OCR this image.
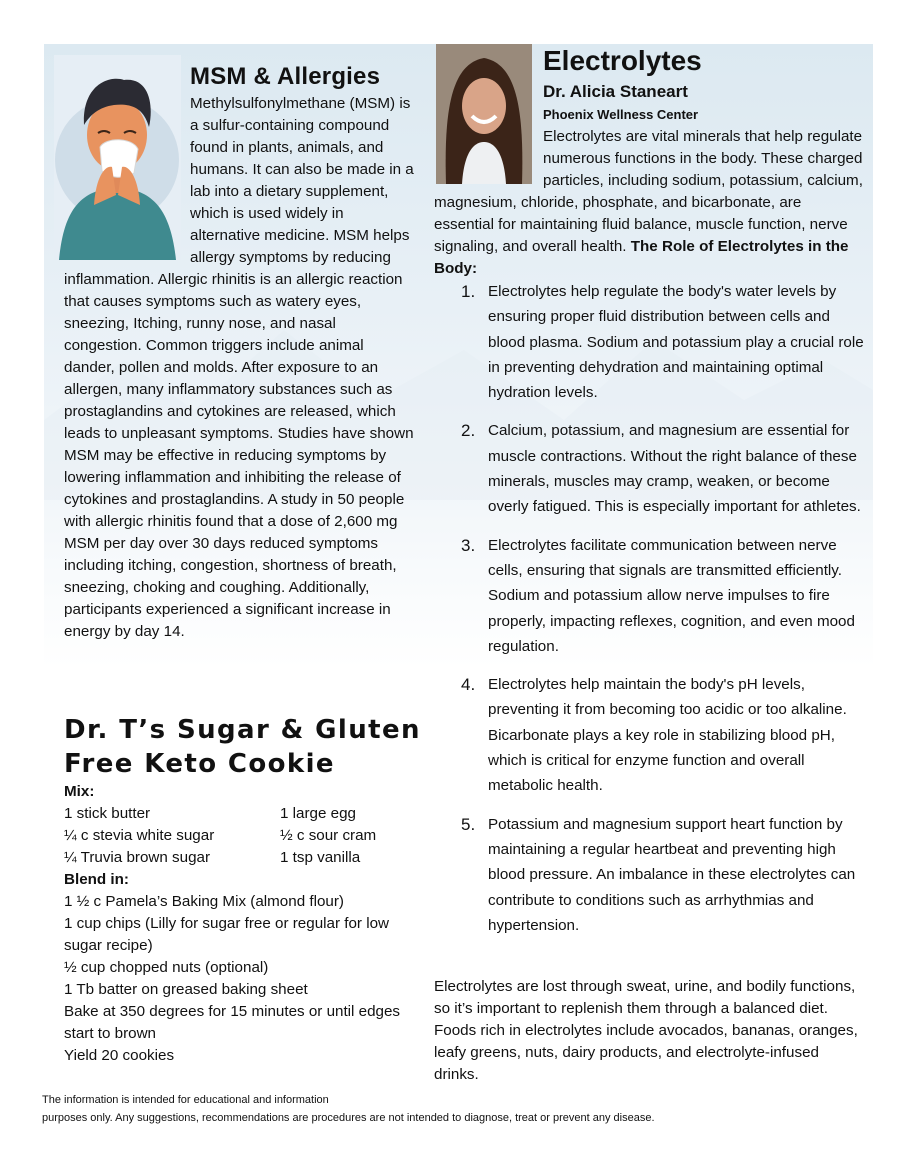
MSM & Allergies

Methylsulfonylmethane (MSM) is a sulfur-containing compound found in plants, animals, and humans. It can also be made in a lab into a dietary supplement, which is used widely in alternative medicine. MSM helps allergy symptoms by reducing inflammation. Allergic rhinitis is an allergic reaction that causes symptoms such as watery eyes, sneezing, Itching, runny nose, and nasal congestion. Common triggers include animal dander, pollen and molds. After exposure to an allergen, many inflammatory substances such as prostaglandins and cytokines are released, which leads to unpleasant symptoms. Studies have shown MSM may be effective in reducing symptoms by lowering inflammation and inhibiting the release of cytokines and prostaglandins. A study in 50 people with allergic rhinitis found that a dose of 2,600 mg MSM per day over 30 days reduced symptoms including itching, congestion, shortness of breath, sneezing, choking and coughing. Additionally, participants experienced a significant increase in energy by day 14.

Dr. T’s Sugar & Gluten
Free Keto Cookie
Mix:
1 stick butter	1 large egg
¼ c stevia white sugar	½ c sour cram
¼ Truvia brown sugar	1 tsp vanilla
Blend in:
1 ½ c Pamela’s Baking Mix (almond flour)
1 cup chips (Lilly for sugar free or regular for low sugar recipe)
½ cup chopped nuts (optional)
1 Tb batter on greased baking sheet
Bake at 350 degrees for 15 minutes or until edges start to brown
Yield 20 cookies
Electrolytes
Dr. Alicia Staneart
Phoenix Wellness Center

Electrolytes are vital minerals that help regulate numerous functions in the body. These charged particles, including sodium, potassium, calcium, magnesium, chloride, phosphate, and bicarbonate, are essential for maintaining fluid balance, muscle function, nerve signaling, and overall health. The Role of Electrolytes in the Body:

1. Electrolytes help regulate the body's water levels by ensuring proper fluid distribution between cells and blood plasma. Sodium and potassium play a crucial role in preventing dehydration and maintaining optimal hydration levels.
2. Calcium, potassium, and magnesium are essential for muscle contractions. Without the right balance of these minerals, muscles may cramp, weaken, or become overly fatigued. This is especially important for athletes.
3. Electrolytes facilitate communication between nerve cells, ensuring that signals are transmitted efficiently. Sodium and potassium allow nerve impulses to fire properly, impacting reflexes, cognition, and even mood regulation.
4. Electrolytes help maintain the body's pH levels, preventing it from becoming too acidic or too alkaline. Bicarbonate plays a key role in stabilizing blood pH, which is critical for enzyme function and overall metabolic health.
5. Potassium and magnesium support heart function by maintaining a regular heartbeat and preventing high blood pressure. An imbalance in these electrolytes can contribute to conditions such as arrhythmias and hypertension.
Electrolytes are lost through sweat, urine, and bodily functions, so it’s important to replenish them through a balanced diet. Foods rich in electrolytes include avocados, bananas, oranges, leafy greens, nuts, dairy products, and electrolyte-infused drinks.
The information is intended for educational and information
purposes only. Any suggestions, recommendations are procedures are not intended to diagnose, treat or prevent any disease.
